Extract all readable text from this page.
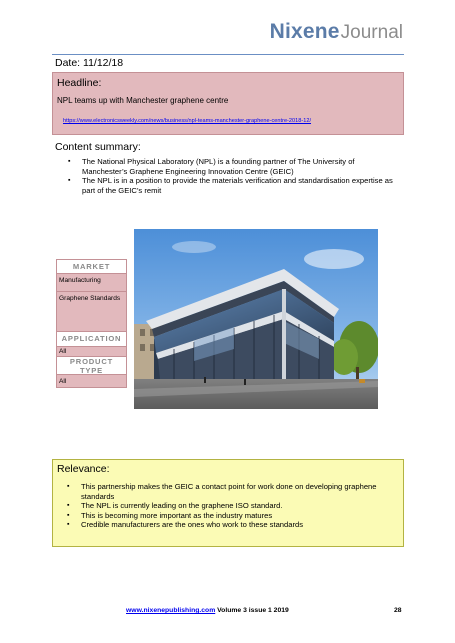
NixeneJournal
Date: 11/12/18
Headline:
NPL teams up with Manchester graphene centre
https://www.electronicsweekly.com/news/business/npl-teams-manchester-graphene-centre-2018-12/
Content summary:
▪ The National Physical Laboratory (NPL) is a founding partner of The University of Manchester’s Graphene Engineering Innovation Centre (GEIC)
▪ The NPL is in a position to provide the materials verification and standardisation expertise as part of the GEIC’s remit
MARKET
Manufacturing
Graphene Standards
APPLICATION
All
PRODUCT TYPE
All
Relevance:
▪ This partnership makes the GEIC a contact point for work done on developing graphene standards
▪ The NPL is currently leading on the graphene ISO standard.
▪ This is becoming more important as the industry matures
▪ Credible manufacturers are the ones who work to these standards
www.nixenepublishing.com Volume 3 issue 1 2019	28
